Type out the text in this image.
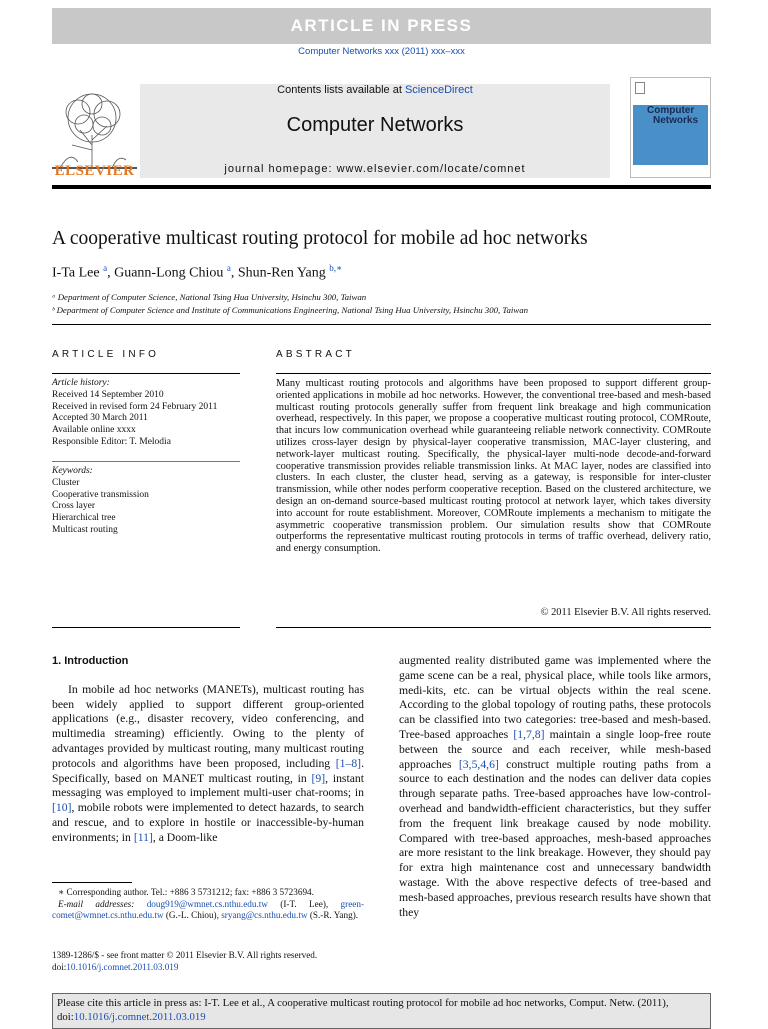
ARTICLE IN PRESS
Computer Networks xxx (2011) xxx–xxx
ELSEVIER
Contents lists available at ScienceDirect
Computer Networks
journal homepage: www.elsevier.com/locate/comnet
Computer
Networks
A cooperative multicast routing protocol for mobile ad hoc networks
I-Ta Lee $^a$, Guann-Long Chiou $^a$, Shun-Ren Yang $^{b,∗}$
ᵃ Department of Computer Science, National Tsing Hua University, Hsinchu 300, Taiwan
ᵇ Department of Computer Science and Institute of Communications Engineering, National Tsing Hua University, Hsinchu 300, Taiwan
ARTICLE INFO
Article history:
Received 14 September 2010
Received in revised form 24 February 2011
Accepted 30 March 2011
Available online xxxx
Responsible Editor: T. Melodia
Keywords:
Cluster
Cooperative transmission
Cross layer
Hierarchical tree
Multicast routing
ABSTRACT
Many multicast routing protocols and algorithms have been proposed to support different group-oriented applications in mobile ad hoc networks. However, the conventional tree-based and mesh-based multicast routing protocols generally suffer from frequent link breakage and high communication overhead, respectively. In this paper, we propose a cooperative multicast routing protocol, COMRoute, that incurs low communication overhead while guaranteeing reliable network connectivity. COMRoute utilizes cross-layer design by physical-layer cooperative transmission, MAC-layer clustering, and network-layer multicast routing. Specifically, the physical-layer multi-node decode-and-forward cooperative transmission provides reliable transmission links. At MAC layer, nodes are classified into clusters. In each cluster, the cluster head, serving as a gateway, is responsible for inter-cluster transmission, while other nodes perform cooperative reception. Based on the clustered architecture, we design an on-demand source-based multicast routing protocol at network layer, which takes diversity into account for route establishment. Moreover, COMRoute implements a mechanism to mitigate the asymmetric cooperative transmission problem. Our simulation results show that COMRoute outperforms the representative multicast routing protocols in terms of traffic overhead, delivery ratio, and energy consumption.
© 2011 Elsevier B.V. All rights reserved.
1. Introduction

In mobile ad hoc networks (MANETs), multicast routing has been widely applied to support different group-oriented applications (e.g., disaster recovery, video conferencing, and multimedia streaming) efficiently. Owing to the plenty of advantages provided by multicast routing, many multicast routing protocols and algorithms have been proposed, including [1–8]. Specifically, based on MANET multicast routing, in [9], instant messaging was employed to implement multi-user chat-rooms; in [10], mobile robots were implemented to detect hazards, to search and rescue, and to explore in hostile or inaccessible-by-human environments; in [11], a Doom-like

augmented reality distributed game was implemented where the game scene can be a real, physical place, while tools like armors, medi-kits, etc. can be virtual objects within the real scene. According to the global topology of routing paths, these protocols can be classified into two categories: tree-based and mesh-based. Tree-based approaches [1,7,8] maintain a single loop-free route between the source and each receiver, while mesh-based approaches [3,5,4,6] construct multiple routing paths from a source to each destination and the nodes can deliver data copies through separate paths. Tree-based approaches have low-control-overhead and bandwidth-efficient characteristics, but they suffer from the frequent link breakage caused by node mobility. Compared with tree-based approaches, mesh-based approaches are more resistant to the link breakage. However, they should pay for extra high maintenance cost and unnecessary bandwidth wastage. With the above respective defects of tree-based and mesh-based approaches, previous research results have shown that they

∗ Corresponding author. Tel.: +886 3 5731212; fax: +886 3 5723694.
E-mail addresses: doug919@wmnet.cs.nthu.edu.tw (I-T. Lee), green-comet@wmnet.cs.nthu.edu.tw (G.-L. Chiou), sryang@cs.nthu.edu.tw (S.-R. Yang).
1389-1286/$ - see front matter © 2011 Elsevier B.V. All rights reserved.
doi:10.1016/j.comnet.2011.03.019
Please cite this article in press as: I-T. Lee et al., A cooperative multicast routing protocol for mobile ad hoc networks, Comput. Netw. (2011), doi:10.1016/j.comnet.2011.03.019
